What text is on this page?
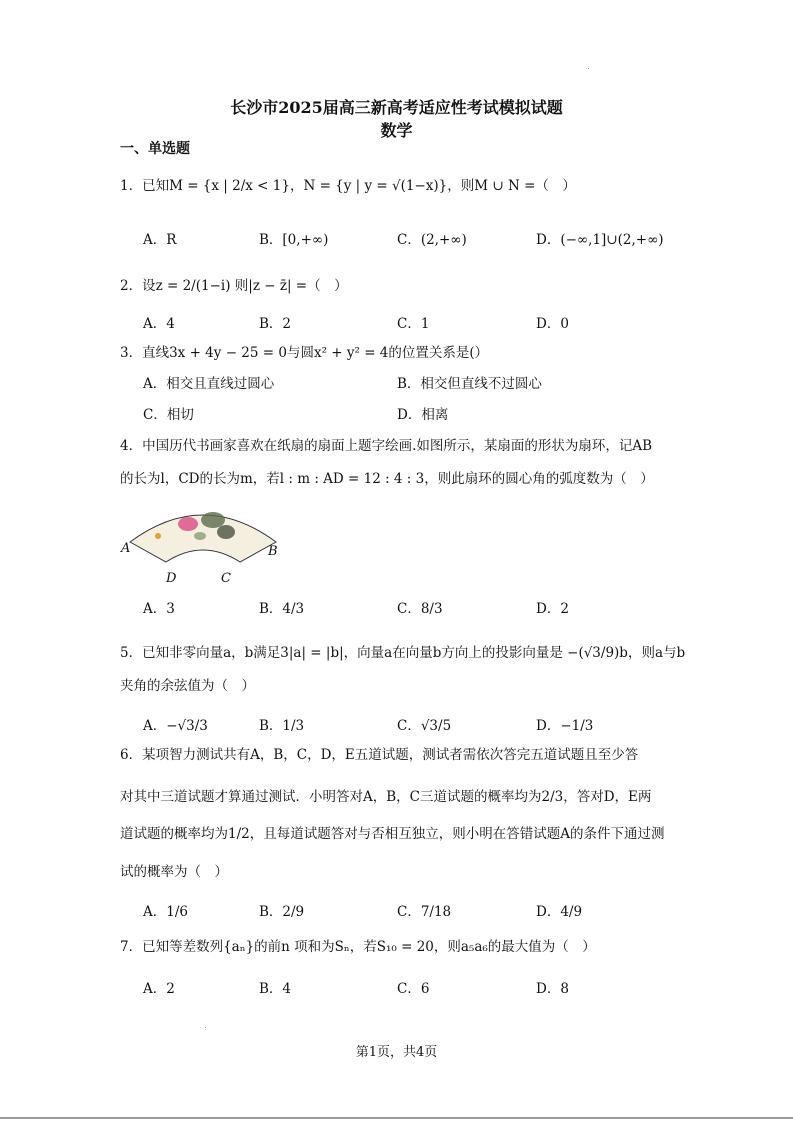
长沙市2025届高三新高考适应性考试模拟试题
数学
一、单选题
1．已知M = {x | 2/x < 1}，N = {y | y = √(1−x)}，则M ∪ N =（　）
A．R	B．[0,+∞)	C．(2,+∞)	D．(−∞,1]∪(2,+∞)
2．设z = 2/(1−i) 则|z − z̄| =（　）
A．4	B．2	C．1	D．0
3．直线3x + 4y − 25 = 0与圆x² + y² = 4的位置关系是(）
A．相交且直线过圆心	B．相交但直线不过圆心
C．相切	D．相离
4．中国历代书画家喜欢在纸扇的扇面上题字绘画.如图所示，某扇面的形状为扇环，记AB
的长为l，CD的长为m，若l : m : AD = 12 : 4 : 3，则此扇环的圆心角的弧度数为（　）
A	B
D	C
A．3	B．4/3	C．8/3	D．2
5．已知非零向量a，b满足3|a| = |b|，向量a在向量b方向上的投影向量是 −(√3/9)b，则a与b
夹角的余弦值为（　）
A．−√3/3	B．1/3	C．√3/5	D．−1/3
6．某项智力测试共有A，B，C，D，E五道试题，测试者需依次答完五道试题且至少答
对其中三道试题才算通过测试．小明答对A，B，C三道试题的概率均为2/3，答对D，E两
道试题的概率均为1/2，且每道试题答对与否相互独立，则小明在答错试题A的条件下通过测
试的概率为（　）
A．1/6	B．2/9	C．7/18	D．4/9
7．已知等差数列{aₙ}的前n 项和为Sₙ，若S₁₀ = 20，则a₅a₆的最大值为（　）
A．2	B．4	C．6	D．8
第1页，共4页
